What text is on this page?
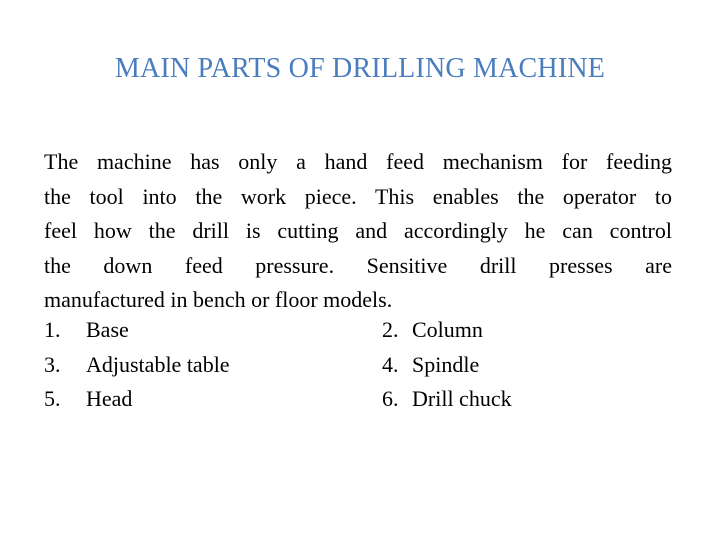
MAIN PARTS OF DRILLING MACHINE
The machine has only a hand feed mechanism for feeding
the tool into the work piece. This enables the operator to
feel how the drill is cutting and accordingly he can control
the down feed pressure. Sensitive drill presses are
manufactured in bench or floor models.
1. Base	2. Column
3. Adjustable table	4. Spindle
5. Head	6. Drill chuck
